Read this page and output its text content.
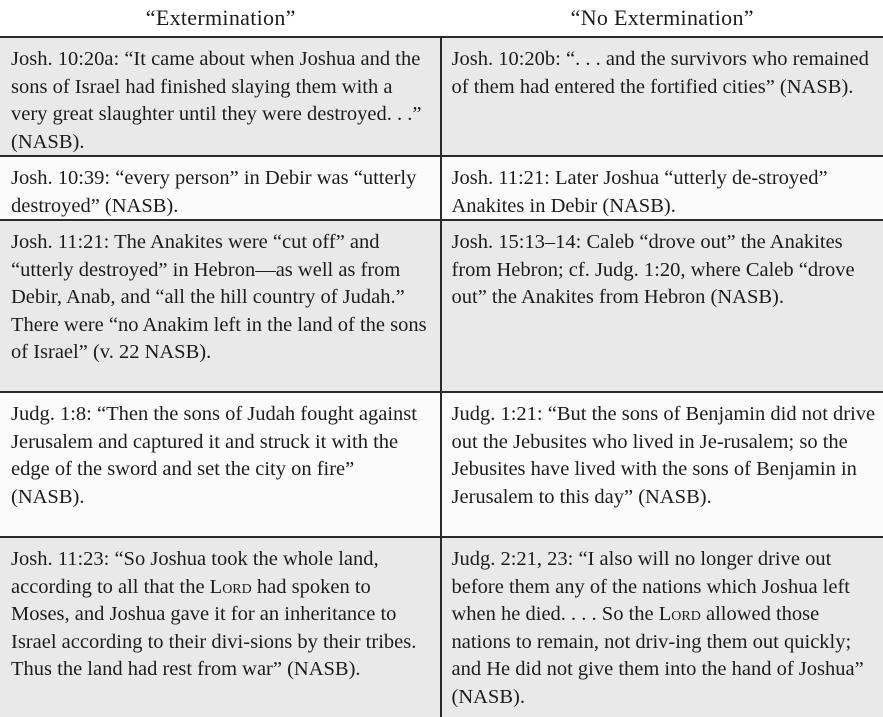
“Extermination”	“No Extermination”
Josh. 10:20a: “It came about when Joshua and the sons of Israel had finished slaying them with a very great slaughter until they were destroyed. . .” (NASB).
Josh. 10:20b: “. . . and the survivors who remained of them had entered the fortified cities” (NASB).
Josh. 10:39: “every person” in Debir was “utterly destroyed” (NASB).
Josh. 11:21: Later Joshua “utterly de-stroyed” Anakites in Debir (NASB).
Josh. 11:21: The Anakites were “cut off” and “utterly destroyed” in Hebron—as well as from Debir, Anab, and “all the hill country of Judah.” There were “no Anakim left in the land of the sons of Israel” (v. 22 NASB).
Josh. 15:13–14: Caleb “drove out” the Anakites from Hebron; cf. Judg. 1:20, where Caleb “drove out” the Anakites from Hebron (NASB).
Judg. 1:8: “Then the sons of Judah fought against Jerusalem and captured it and struck it with the edge of the sword and set the city on fire” (NASB).
Judg. 1:21: “But the sons of Benjamin did not drive out the Jebusites who lived in Je-rusalem; so the Jebusites have lived with the sons of Benjamin in Jerusalem to this day” (NASB).
Josh. 11:23: “So Joshua took the whole land, according to all that the Lord had spoken to Moses, and Joshua gave it for an inheritance to Israel according to their divi-sions by their tribes. Thus the land had rest from war” (NASB).
Judg. 2:21, 23: “I also will no longer drive out before them any of the nations which Joshua left when he died. . . . So the Lord allowed those nations to remain, not driv-ing them out quickly; and He did not give them into the hand of Joshua” (NASB).
